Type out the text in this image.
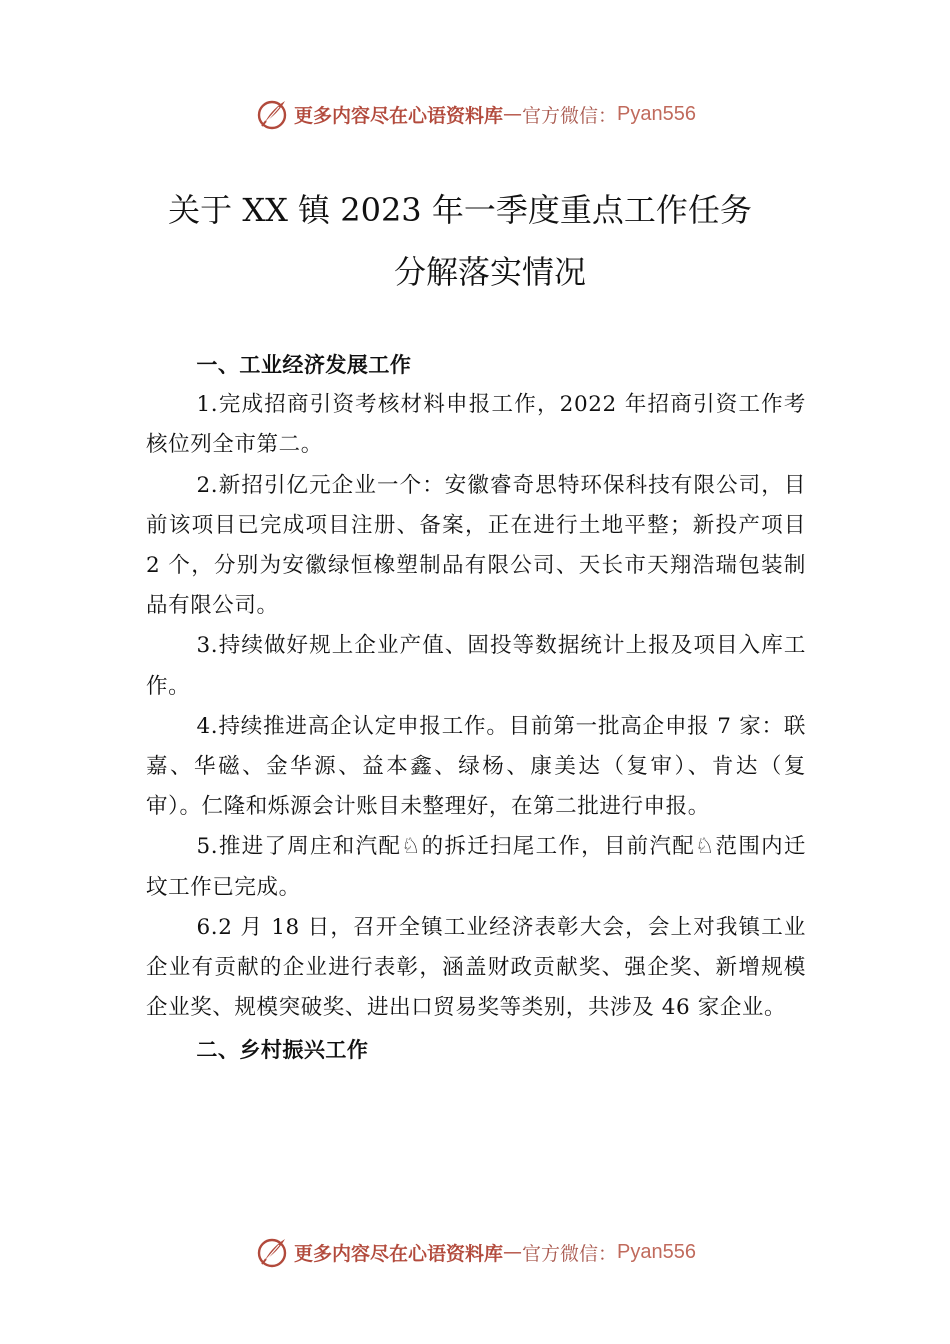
更多内容尽在心语资料库 — 官方微信： Pyan556
关于 XX 镇 2023 年一季度重点工作任务
分解落实情况
一、工业经济发展工作

1.完成招商引资考核材料申报工作，2022 年招商引资工作考核位列全市第二。

2.新招引亿元企业一个：安徽睿奇思特环保科技有限公司，目前该项目已完成项目注册、备案，正在进行土地平整；新投产项目 2 个，分别为安徽绿恒橡塑制品有限公司、天长市天翔浩瑞包装制品有限公司。

3.持续做好规上企业产值、固投等数据统计上报及项目入库工作。

4.持续推进高企认定申报工作。目前第一批高企申报 7 家：联嘉、华磁、金华源、益本鑫、绿杨、康美达（复审）、肯达（复审）。仁隆和烁源会计账目未整理好，在第二批进行申报。

5.推进了周庄和汽配♘的拆迁扫尾工作，目前汽配♘范围内迁坟工作已完成。

6.2 月 18 日，召开全镇工业经济表彰大会，会上对我镇工业企业有贡献的企业进行表彰，涵盖财政贡献奖、强企奖、新增规模企业奖、规模突破奖、进出口贸易奖等类别，共涉及 46 家企业。

二、乡村振兴工作
更多内容尽在心语资料库 — 官方微信： Pyan556
